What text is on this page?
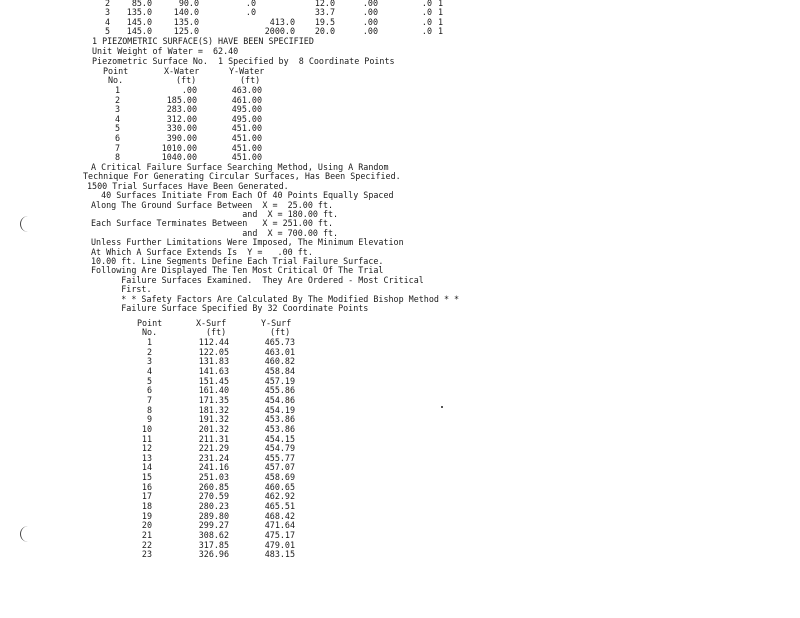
2	85.0	90.0	.0	12.0	.00	.0 1
3	135.0	140.0	.0	33.7	.00	.0 1
4	145.0	135.0	413.0	19.5	.00	.0 1
5	145.0	125.0	2000.0	20.0	.00	.0 1
1 PIEZOMETRIC SURFACE(S) HAVE BEEN SPECIFIED
Unit Weight of Water =  62.40
Piezometric Surface No.  1 Specified by  8 Coordinate Points
Point	X-Water	Y-Water
No.	(ft)	(ft)
1	.00	463.00
2	185.00	461.00
3	283.00	495.00
4	312.00	495.00
5	330.00	451.00
6	390.00	451.00
7	1010.00	451.00
8	1040.00	451.00
A Critical Failure Surface Searching Method, Using A Random
Technique For Generating Circular Surfaces, Has Been Specified.
1500 Trial Surfaces Have Been Generated.
40 Surfaces Initiate From Each Of 40 Points Equally Spaced
Along The Ground Surface Between  X =  25.00 ft.
and  X = 180.00 ft.
Each Surface Terminates Between   X = 251.00 ft.
and  X = 700.00 ft.
Unless Further Limitations Were Imposed, The Minimum Elevation
At Which A Surface Extends Is  Y =   .00 ft.
10.00 ft. Line Segments Define Each Trial Failure Surface.
Following Are Displayed The Ten Most Critical Of The Trial
Failure Surfaces Examined.  They Are Ordered - Most Critical
First.
* * Safety Factors Are Calculated By The Modified Bishop Method * *
Failure Surface Specified By 32 Coordinate Points
Point	X-Surf	Y-Surf
No.	(ft)	(ft)
1	112.44	465.73
2	122.05	463.01
3	131.83	460.82
4	141.63	458.84
5	151.45	457.19
6	161.40	455.86
7	171.35	454.86
8	181.32	454.19
9	191.32	453.86
10	201.32	453.86
11	211.31	454.15
12	221.29	454.79
13	231.24	455.77
14	241.16	457.07
15	251.03	458.69
16	260.85	460.65
17	270.59	462.92
18	280.23	465.51
19	289.80	468.42
20	299.27	471.64
21	308.62	475.17
22	317.85	479.01
23	326.96	483.15
